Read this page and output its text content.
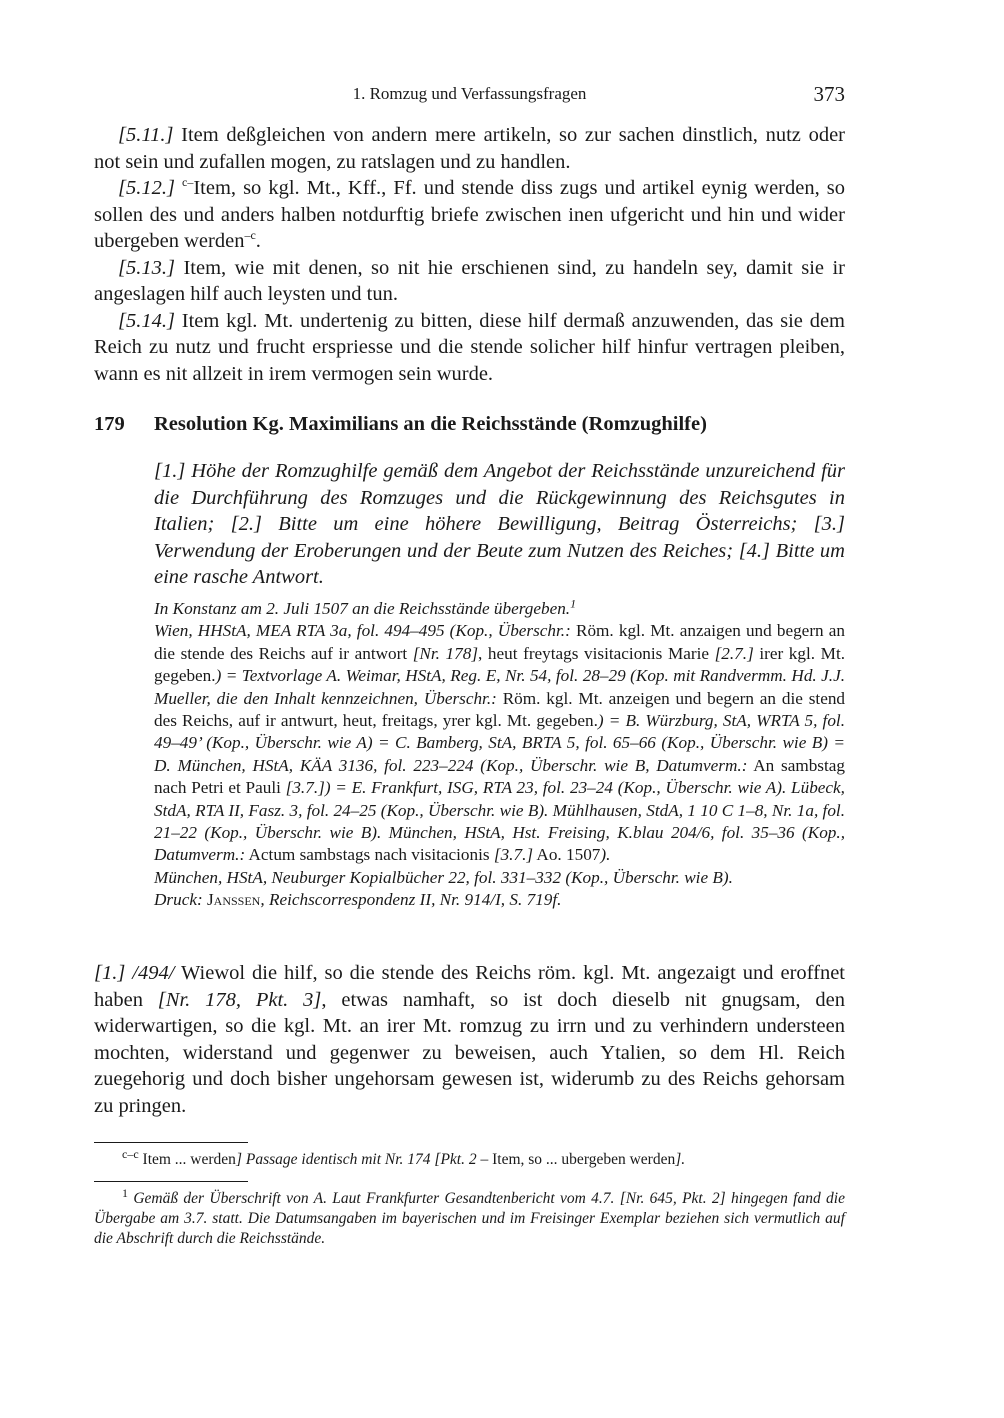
1. Romzug und Verfassungsfragen	373

[5.11.] Item deßgleichen von andern mere artikeln, so zur sachen dinstlich, nutz oder not sein und zufallen mogen, zu ratslagen und zu handlen.

[5.12.] $^{c-}$Item, so kgl. Mt., Kff., Ff. und stende diss zugs und artikel eynig werden, so sollen des und anders halben notdurftig briefe zwischen inen ufgericht und hin und wider ubergeben werden$^{-c}$.

[5.13.] Item, wie mit denen, so nit hie erschienen sind, zu handeln sey, damit sie ir angeslagen hilf auch leysten und tun.

[5.14.] Item kgl. Mt. undertenig zu bitten, diese hilf dermaß anzuwenden, das sie dem Reich zu nutz und frucht erspriesse und die stende solicher hilf hinfur vertragen pleiben, wann es nit allzeit in irem vermogen sein wurde.

179 Resolution Kg. Maximilians an die Reichsstände (Romzughilfe)

[1.] Höhe der Romzughilfe gemäß dem Angebot der Reichsstände unzureichend für die Durchführung des Romzuges und die Rückgewinnung des Reichsgutes in Italien; [2.] Bitte um eine höhere Bewilligung, Beitrag Österreichs; [3.] Verwendung der Eroberungen und der Beute zum Nutzen des Reiches; [4.] Bitte um eine rasche Antwort.

In Konstanz am 2. Juli 1507 an die Reichsstände übergeben.$^1$

Wien, HHStA, MEA RTA 3a, fol. 494–495 (Kop., Überschr.: Röm. kgl. Mt. anzaigen und begern an die stende des Reichs auf ir antwort [Nr. 178], heut freytags visitacionis Marie [2.7.] irer kgl. Mt. gegeben.) = Textvorlage A. Weimar, HStA, Reg. E, Nr. 54, fol. 28–29 (Kop. mit Randvermm. Hd. J.J. Mueller, die den Inhalt kennzeichnen, Überschr.: Röm. kgl. Mt. anzeigen und begern an die stend des Reichs, auf ir antwurt, heut, freitags, yrer kgl. Mt. gegeben.) = B. Würzburg, StA, WRTA 5, fol. 49–49’ (Kop., Überschr. wie A) = C. Bamberg, StA, BRTA 5, fol. 65–66 (Kop., Überschr. wie B) = D. München, HStA, KÄA 3136, fol. 223–224 (Kop., Überschr. wie B, Datumverm.: An sambstag nach Petri et Pauli [3.7.]) = E. Frankfurt, ISG, RTA 23, fol. 23–24 (Kop., Überschr. wie A). Lübeck, StdA, RTA II, Fasz. 3, fol. 24–25 (Kop., Überschr. wie B). Mühlhausen, StdA, 1 10 C 1–8, Nr. 1a, fol. 21–22 (Kop., Überschr. wie B). München, HStA, Hst. Freising, K.blau 204/6, fol. 35–36 (Kop., Datumverm.: Actum sambstags nach visitacionis [3.7.] Ao. 1507).

München, HStA, Neuburger Kopialbücher 22, fol. 331–332 (Kop., Überschr. wie B).

Druck: Janssen, Reichscorrespondenz II, Nr. 914/I, S. 719f.

[1.] /494/ Wiewol die hilf, so die stende des Reichs röm. kgl. Mt. angezaigt und eroffnet haben [Nr. 178, Pkt. 3], etwas namhaft, so ist doch dieselb nit gnugsam, den widerwartigen, so die kgl. Mt. an irer Mt. romzug zu irrn und zu verhindern understeen mochten, widerstand und gegenwer zu beweisen, auch Ytalien, so dem Hl. Reich zuegehorig und doch bisher ungehorsam gewesen ist, widerumb zu des Reichs gehorsam zu pringen.

$^{c-c}$ Item ... werden] Passage identisch mit Nr. 174 [Pkt. 2 – Item, so ... ubergeben werden].

$^1$ Gemäß der Überschrift von A. Laut Frankfurter Gesandtenbericht vom 4.7. [Nr. 645, Pkt. 2] hingegen fand die Übergabe am 3.7. statt. Die Datumsangaben im bayerischen und im Freisinger Exemplar beziehen sich vermutlich auf die Abschrift durch die Reichsstände.
